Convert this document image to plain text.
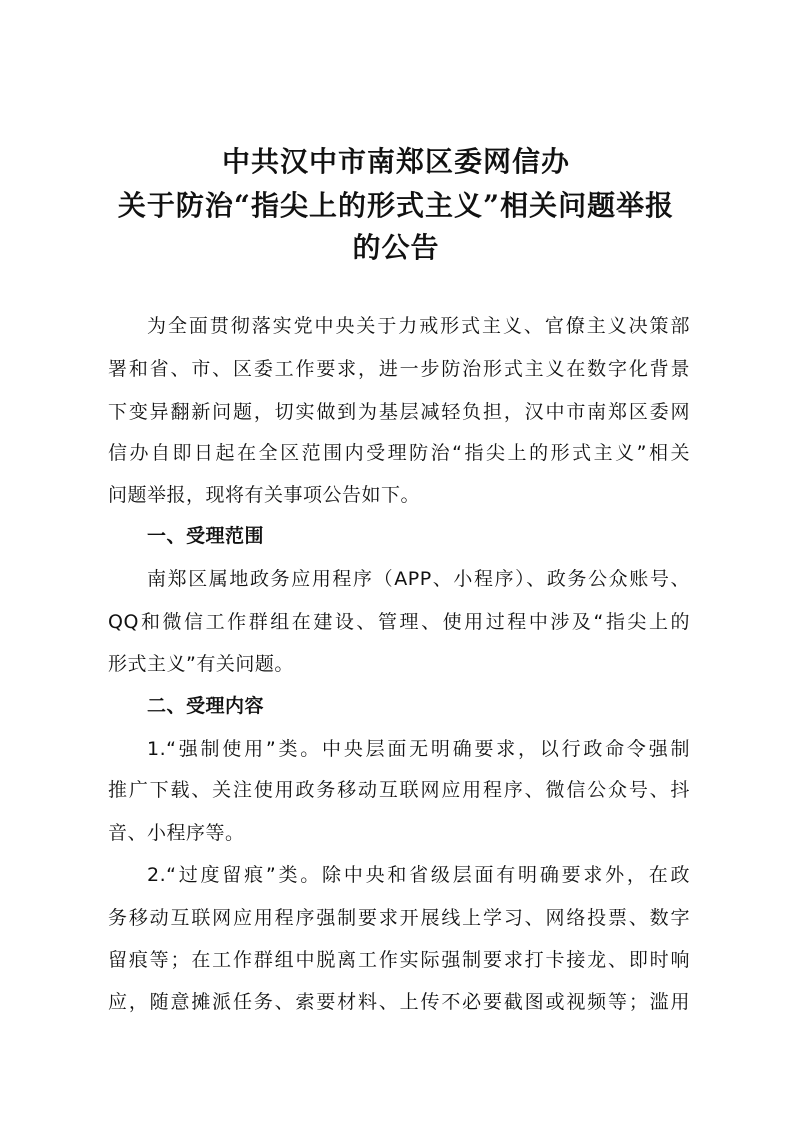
中共汉中市南郑区委网信办
关于防治“指尖上的形式主义”相关问题举报
的公告
为全面贯彻落实党中央关于力戒形式主义、官僚主义决策部
署和省、市、区委工作要求，进一步防治形式主义在数字化背景
下变异翻新问题，切实做到为基层减轻负担，汉中市南郑区委网
信办自即日起在全区范围内受理防治“指尖上的形式主义”相关
问题举报，现将有关事项公告如下。
一、受理范围
南郑区属地政务应用程序（APP、小程序）、政务公众账号、
QQ和微信工作群组在建设、管理、使用过程中涉及“指尖上的
形式主义”有关问题。
二、受理内容
1.“强制使用”类。中央层面无明确要求，以行政命令强制
推广下载、关注使用政务移动互联网应用程序、微信公众号、抖
音、小程序等。
2.“过度留痕”类。除中央和省级层面有明确要求外，在政
务移动互联网应用程序强制要求开展线上学习、网络投票、数字
留痕等；在工作群组中脱离工作实际强制要求打卡接龙、即时响
应，随意摊派任务、索要材料、上传不必要截图或视频等；滥用
